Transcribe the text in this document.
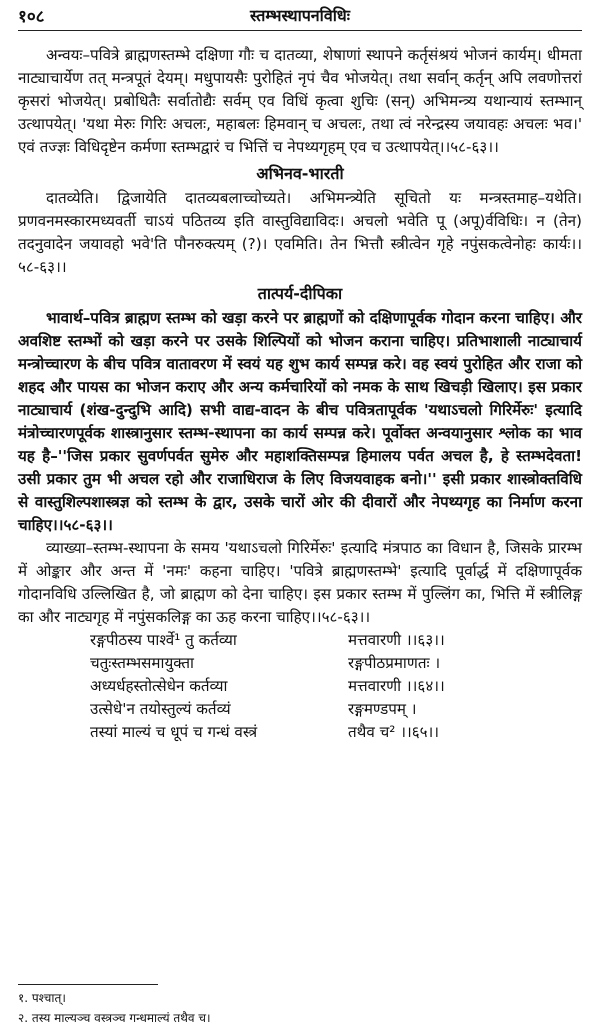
१०८	स्तम्भस्थापनविधिः

अन्वयः–पवित्रे ब्राह्मणस्तम्भे दक्षिणा गौः च दातव्या, शेषाणां स्थापने कर्तृसंश्रयं भोजनं कार्यम्। धीमता नाट्याचार्येण तत् मन्त्रपूतं देयम्। मधुपायसैः पुरोहितं नृपं चैव भोजयेत्। तथा सर्वान् कर्तृन् अपि लवणोत्तरां कृसरां भोजयेत्। प्रबोधितैः सर्वातोद्यैः सर्वम् एव विधिं कृत्वा शुचिः (सन्) अभिमन्त्र्य यथान्यायं स्तम्भान् उत्थापयेत्। 'यथा मेरुः गिरिः अचलः, महाबलः हिमवान् च अचलः, तथा त्वं नरेन्द्रस्य जयावहः अचलः भव।' एवं तज्ज्ञः विधिदृष्टेन कर्मणा स्तम्भद्वारं च भित्तिं च नेपथ्यगृहम् एव च उत्थापयेत्।।५८-६३।।

अभिनव-भारती

दातव्येति। द्विजायेति दातव्यबलाच्चोच्यते। अभिमन्त्र्येति सूचितो यः मन्त्रस्तमाह–यथेति। प्रणवनमस्कारमध्यवर्ती चाऽयं पठितव्य इति वास्तुविद्याविदः। अचलो भवेति पू (अपू)र्वविधिः। न (तेन) तदनुवादेन जयावहो भवे'ति पौनरुक्त्यम् (?)। एवमिति। तेन भित्तौ स्त्रीत्वेन गृहे नपुंसकत्वेनोहः कार्यः।।५८-६३।।

तात्पर्य-दीपिका

भावार्थ–पवित्र ब्राह्मण स्तम्भ को खड़ा करने पर ब्राह्मणों को दक्षिणापूर्वक गोदान करना चाहिए। और अवशिष्ट स्तम्भों को खड़ा करने पर उसके शिल्पियों को भोजन कराना चाहिए। प्रतिभाशाली नाट्याचार्य मन्त्रोच्चारण के बीच पवित्र वातावरण में स्वयं यह शुभ कार्य सम्पन्न करे। वह स्वयं पुरोहित और राजा को शहद और पायस का भोजन कराए और अन्य कर्मचारियों को नमक के साथ खिचड़ी खिलाए। इस प्रकार नाट्याचार्य (शंख-दुन्दुभि आदि) सभी वाद्य-वादन के बीच पवित्रतापूर्वक 'यथाऽचलो गिरिर्मेरुः' इत्यादि मंत्रोच्चारणपूर्वक शास्त्रानुसार स्तम्भ-स्थापना का कार्य सम्पन्न करे। पूर्वोक्त अन्वयानुसार श्लोक का भाव यह है–''जिस प्रकार सुवर्णपर्वत सुमेरु और महाशक्तिसम्पन्न हिमालय पर्वत अचल है, हे स्तम्भदेवता! उसी प्रकार तुम भी अचल रहो और राजाधिराज के लिए विजयवाहक बनो।'' इसी प्रकार शास्त्रोक्तविधि से वास्तुशिल्पशास्त्रज्ञ को स्तम्भ के द्वार, उसके चारों ओर की दीवारों और नेपथ्यगृह का निर्माण करना चाहिए।।५८-६३।।

व्याख्या–स्तम्भ-स्थापना के समय 'यथाऽचलो गिरिर्मेरुः' इत्यादि मंत्रपाठ का विधान है, जिसके प्रारम्भ में ओङ्कार और अन्त में 'नमः' कहना चाहिए। 'पवित्रे ब्राह्मणस्तम्भे' इत्यादि पूर्वार्द्ध में दक्षिणापूर्वक गोदानविधि उल्लिखित है, जो ब्राह्मण को देना चाहिए। इस प्रकार स्तम्भ में पुल्लिंग का, भित्ति में स्त्रीलिङ्ग का और नाट्यगृह में नपुंसकलिङ्ग का ऊह करना चाहिए।।५८-६३।।

रङ्गपीठस्य पार्श्वे¹ तु कर्तव्या	मत्तवारणी ।।६३।।
चतुःस्तम्भसमायुक्ता	रङ्गपीठप्रमाणतः ।
अध्यर्धहस्तोत्सेधेन कर्तव्या	मत्तवारणी ।।६४।।
उत्सेधे'न तयोस्तुल्यं कर्तव्यं	रङ्गमण्डपम् ।
तस्यां माल्यं च धूपं च गन्धं वस्त्रं	तथैव च² ।।६५।।
१. पश्चात्।
२. तस्य माल्यञ्च वस्त्रञ्च गन्धमाल्यं तथैव च।
